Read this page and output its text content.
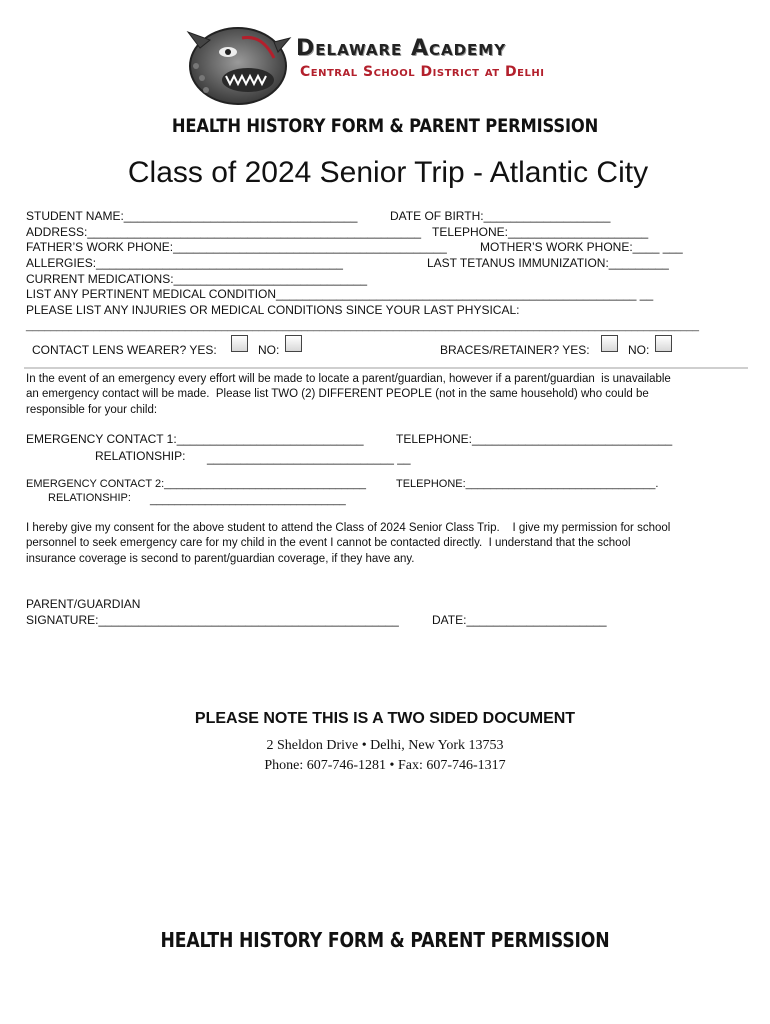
Delaware Academy
Central School District at Delhi
HEALTH HISTORY FORM & PARENT PERMISSION
Class of 2024 Senior Trip - Atlantic City
STUDENT NAME:___________________________________	DATE OF BIRTH:___________________
ADDRESS:__________________________________________________ TELEPHONE:_____________________
FATHER’S WORK PHONE:_________________________________________	MOTHER’S WORK PHONE:____ ___
ALLERGIES:_____________________________________	LAST TETANUS IMMUNIZATION:_________
CURRENT MEDICATIONS:_____________________________
LIST ANY PERTINENT MEDICAL CONDITION______________________________________________________ __
PLEASE LIST ANY INJURIES OR MEDICAL CONDITIONS SINCE YOUR LAST PHYSICAL:
______________________________________________________________________________________________________________
CONTACT LENS WEARER? YES:	NO:	BRACES/RETAINER? YES:	NO:
In the event of an emergency every effort will be made to locate a parent/guardian, however if a parent/guardian  is unavailable
an emergency contact will be made.  Please list TWO (2) DIFFERENT PEOPLE (not in the same household) who could be
responsible for your child:
EMERGENCY CONTACT 1:____________________________	TELEPHONE:______________________________
RELATIONSHIP: ____________________________ __
EMERGENCY CONTACT 2:_________________________________	TELEPHONE:_______________________________.
RELATIONSHIP: ________________________________
I hereby give my consent for the above student to attend the Class of 2024 Senior Class Trip.    I give my permission for school
personnel to seek emergency care for my child in the event I cannot be contacted directly.  I understand that the school
insurance coverage is second to parent/guardian coverage, if they have any.
PARENT/GUARDIAN
SIGNATURE:_____________________________________________	DATE:_____________________
PLEASE NOTE THIS IS A TWO SIDED DOCUMENT
2 Sheldon Drive • Delhi, New York 13753
Phone: 607-746-1281 • Fax: 607-746-1317
HEALTH HISTORY FORM & PARENT PERMISSION
